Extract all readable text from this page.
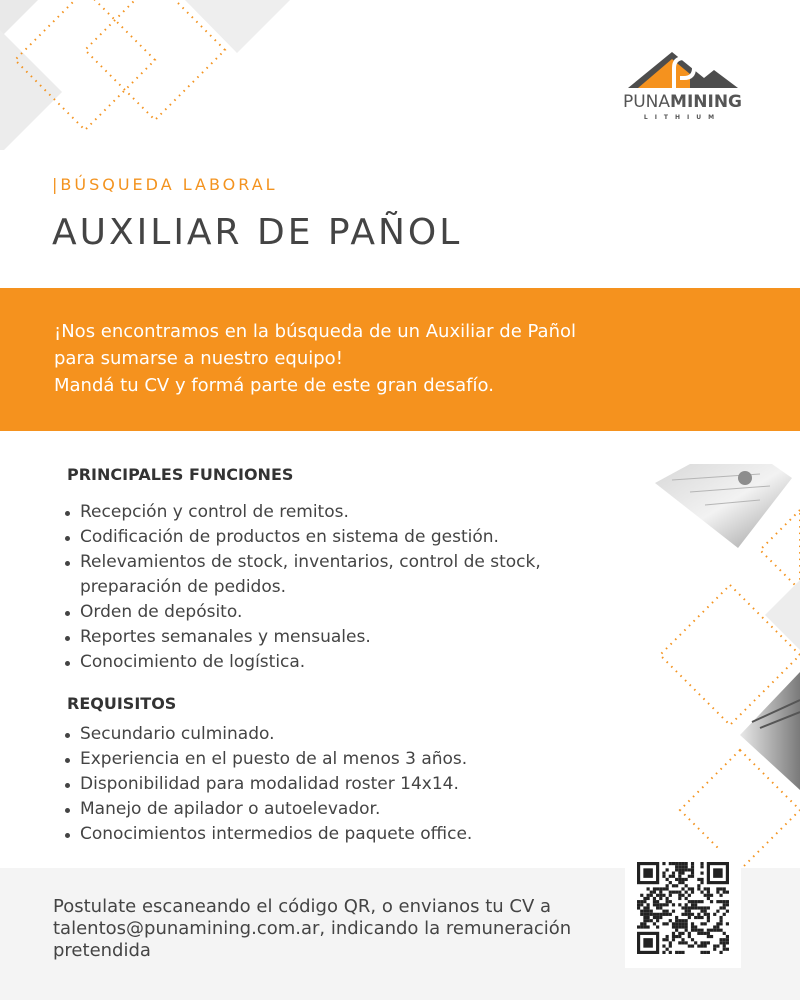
PUNAMINING
LITHIUM
|BÚSQUEDA LABORAL
AUXILIAR DE PAÑOL
¡Nos encontramos en la búsqueda de un Auxiliar de Pañol
para sumarse a nuestro equipo!
Mandá tu CV y formá parte de este gran desafío.
PRINCIPALES FUNCIONES
Recepción y control de remitos.
Codificación de productos en sistema de gestión.
Relevamientos de stock, inventarios, control de stock, preparación de pedidos.
Orden de depósito.
Reportes semanales y mensuales.
Conocimiento de logística.
REQUISITOS
Secundario culminado.
Experiencia en el puesto de al menos 3 años.
Disponibilidad para modalidad roster 14x14.
Manejo de apilador o autoelevador.
Conocimientos intermedios de paquete office.
Postulate escaneando el código QR, o envianos tu CV a talentos@punamining.com.ar, indicando la remuneración pretendida
